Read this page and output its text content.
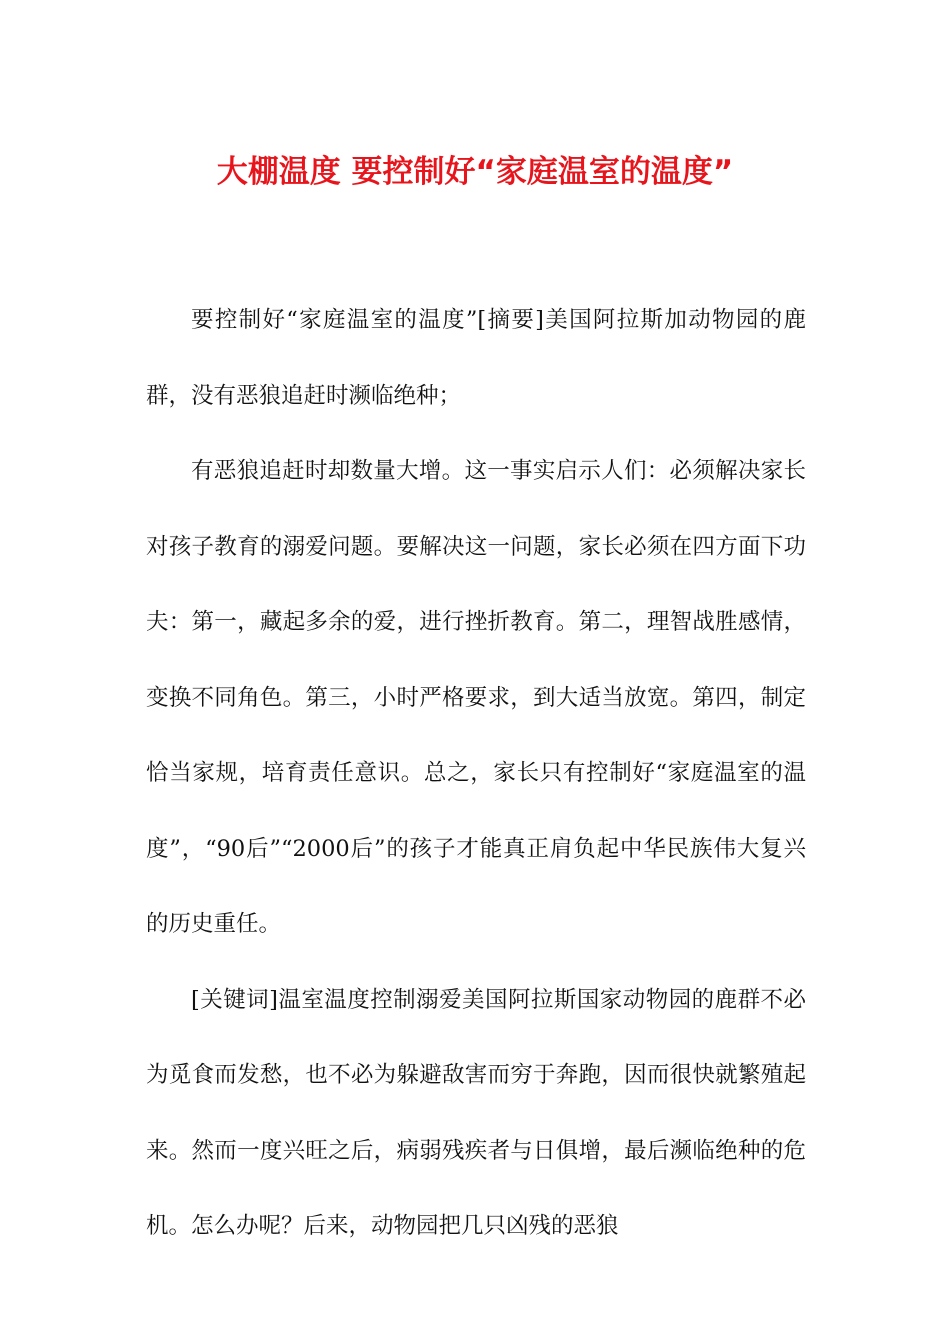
大棚温度 要控制好“家庭温室的温度”

要控制好“家庭温室的温度”[摘要]美国阿拉斯加动物园的鹿群，没有恶狼追赶时濒临绝种；

有恶狼追赶时却数量大增。这一事实启示人们：必须解决家长对孩子教育的溺爱问题。要解决这一问题，家长必须在四方面下功夫：第一，藏起多余的爱，进行挫折教育。第二，理智战胜感情，变换不同角色。第三，小时严格要求，到大适当放宽。第四，制定恰当家规，培育责任意识。总之，家长只有控制好“家庭温室的温度”，“90后”“2000后”的孩子才能真正肩负起中华民族伟大复兴的历史重任。

[关键词]温室温度控制溺爱美国阿拉斯国家动物园的鹿群不必为觅食而发愁，也不必为躲避敌害而穷于奔跑，因而很快就繁殖起来。然而一度兴旺之后，病弱残疾者与日俱增，最后濒临绝种的危机。怎么办呢？后来，动物园把几只凶残的恶狼
